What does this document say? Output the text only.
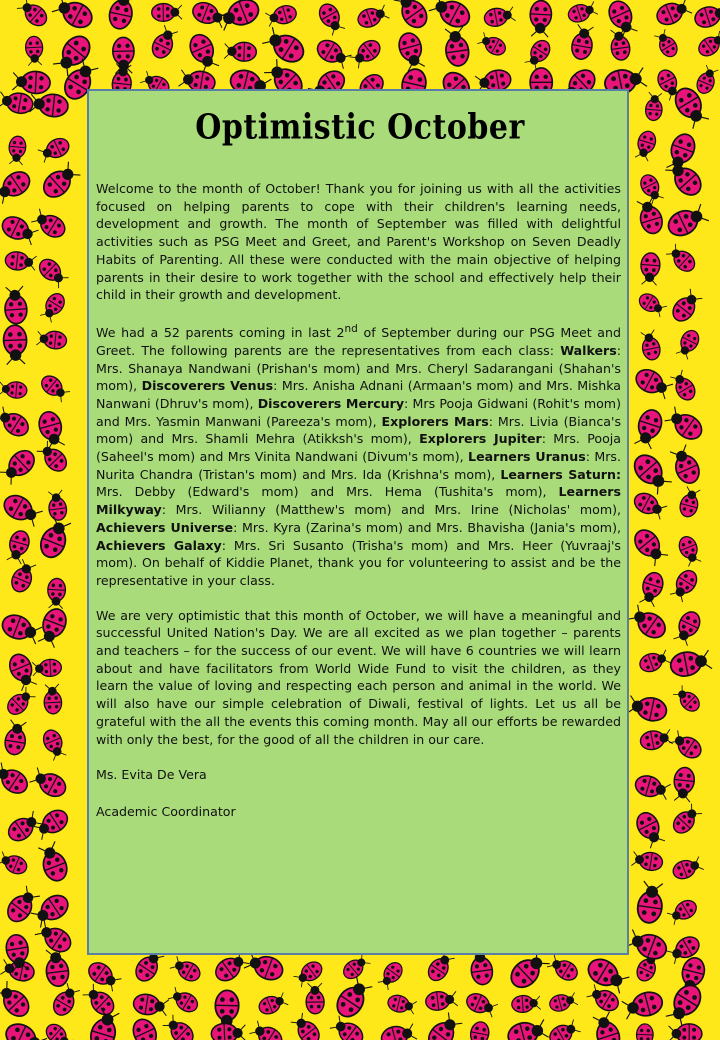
Optimistic October

Welcome to the month of October! Thank you for joining us with all the activities focused on helping parents to cope with their children's learning needs, development and growth. The month of September was filled with delightful activities such as PSG Meet and Greet, and Parent's Workshop on Seven Deadly Habits of Parenting. All these were conducted with the main objective of helping parents in their desire to work together with the school and effectively help their child in their growth and development.

We had a 52 parents coming in last 2nd of September during our PSG Meet and Greet. The following parents are the representatives from each class: Walkers: Mrs. Shanaya Nandwani (Prishan's mom) and Mrs. Cheryl Sadarangani (Shahan's mom), Discoverers Venus: Mrs. Anisha Adnani (Armaan's mom) and Mrs. Mishka Nanwani (Dhruv's mom), Discoverers Mercury: Mrs Pooja Gidwani (Rohit's mom) and Mrs. Yasmin Manwani (Pareeza's mom), Explorers Mars: Mrs. Livia (Bianca's mom) and Mrs. Shamli Mehra (Atikksh's mom), Explorers Jupiter: Mrs. Pooja (Saheel's mom) and Mrs Vinita Nandwani (Divum's mom), Learners Uranus: Mrs. Nurita Chandra (Tristan's mom) and Mrs. Ida (Krishna's mom), Learners Saturn: Mrs. Debby (Edward's mom) and Mrs. Hema (Tushita's mom), Learners Milkyway: Mrs. Wilianny (Matthew's mom) and Mrs. Irine (Nicholas' mom), Achievers Universe: Mrs. Kyra (Zarina's mom) and Mrs. Bhavisha (Jania's mom), Achievers Galaxy: Mrs. Sri Susanto (Trisha's mom) and Mrs. Heer (Yuvraaj's mom). On behalf of Kiddie Planet, thank you for volunteering to assist and be the representative in your class.

We are very optimistic that this month of October, we will have a meaningful and successful United Nation's Day. We are all excited as we plan together – parents and teachers – for the success of our event. We will have 6 countries we will learn about and have facilitators from World Wide Fund to visit the children, as they learn the value of loving and respecting each person and animal in the world. We will also have our simple celebration of Diwali, festival of lights. Let us all be grateful with the all the events this coming month. May all our efforts be rewarded with only the best, for the good of all the children in our care.

Ms. Evita De Vera

Academic Coordinator
